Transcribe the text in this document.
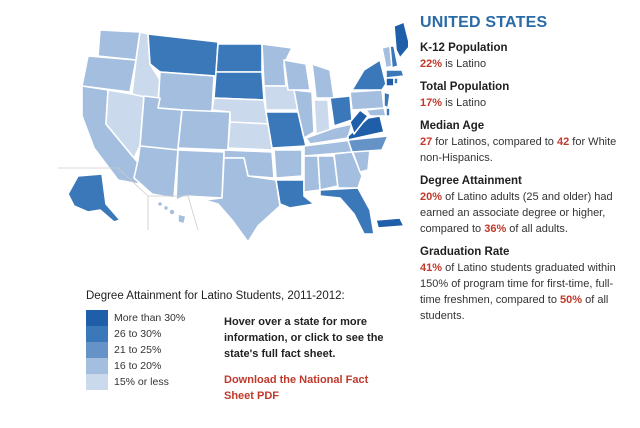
UNITED STATES
K-12 Population

22% is Latino

Total Population

17% is Latino

Median Age

27 for Latinos, compared to 42 for White non-Hispanics.

Degree Attainment

20% of Latino adults (25 and older) had earned an associate degree or higher, compared to 36% of all adults.

Graduation Rate

41% of Latino students graduated within 150% of program time for first-time, full-time freshmen, compared to 50% of all students.

Degree Attainment for Latino Students, 2011-2012:
More than 30%
26 to 30%
21 to 25%
16 to 20%
15% or less
Hover over a state for more information, or click to see the state's full fact sheet.
Download the National Fact Sheet PDF
